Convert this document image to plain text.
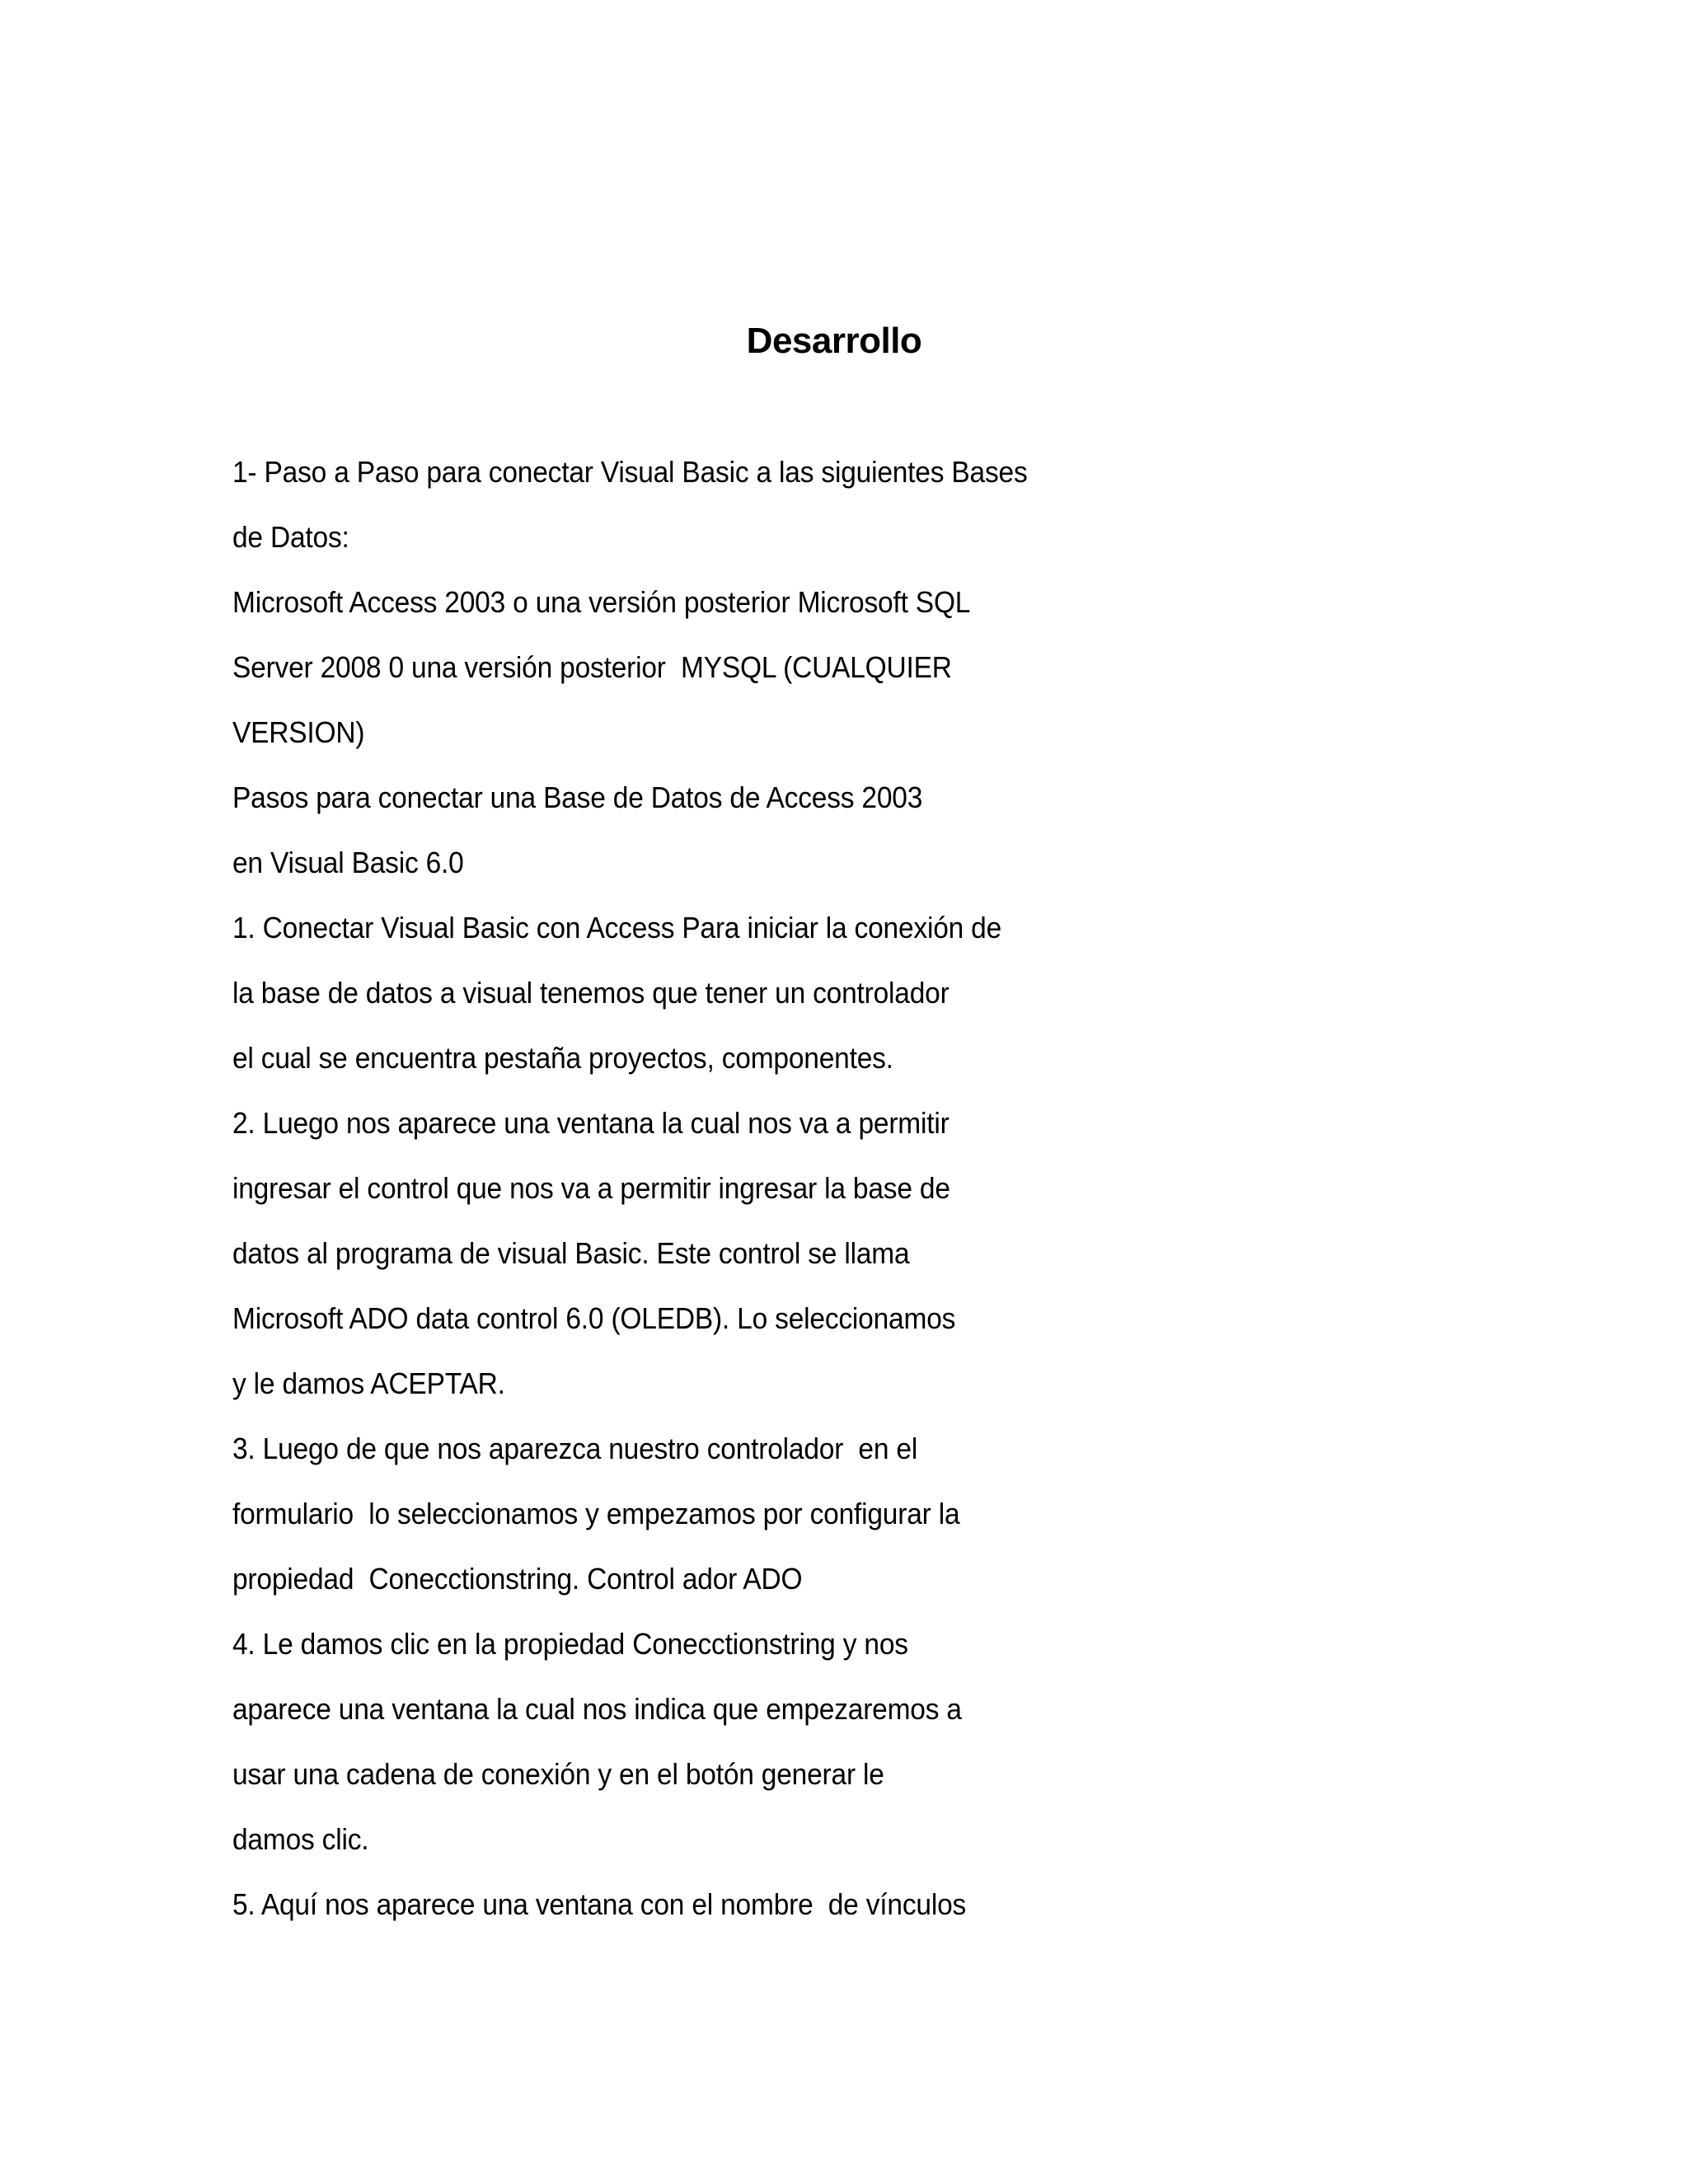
Desarrollo
1- Paso a Paso para conectar Visual Basic a las siguientes Bases
de Datos:
Microsoft Access 2003 o una versión posterior Microsoft SQL
Server 2008 0 una versión posterior  MYSQL (CUALQUIER
VERSION)
Pasos para conectar una Base de Datos de Access 2003
en Visual Basic 6.0
1. Conectar Visual Basic con Access Para iniciar la conexión de
la base de datos a visual tenemos que tener un controlador
el cual se encuentra pestaña proyectos, componentes.
2. Luego nos aparece una ventana la cual nos va a permitir
ingresar el control que nos va a permitir ingresar la base de
datos al programa de visual Basic. Este control se llama
Microsoft ADO data control 6.0 (OLEDB). Lo seleccionamos
y le damos ACEPTAR.
3. Luego de que nos aparezca nuestro controlador  en el
formulario  lo seleccionamos y empezamos por configurar la
propiedad  Conecctionstring. Control ador ADO
4. Le damos clic en la propiedad Conecctionstring y nos
aparece una ventana la cual nos indica que empezaremos a
usar una cadena de conexión y en el botón generar le
damos clic.
5. Aquí nos aparece una ventana con el nombre  de vínculos
